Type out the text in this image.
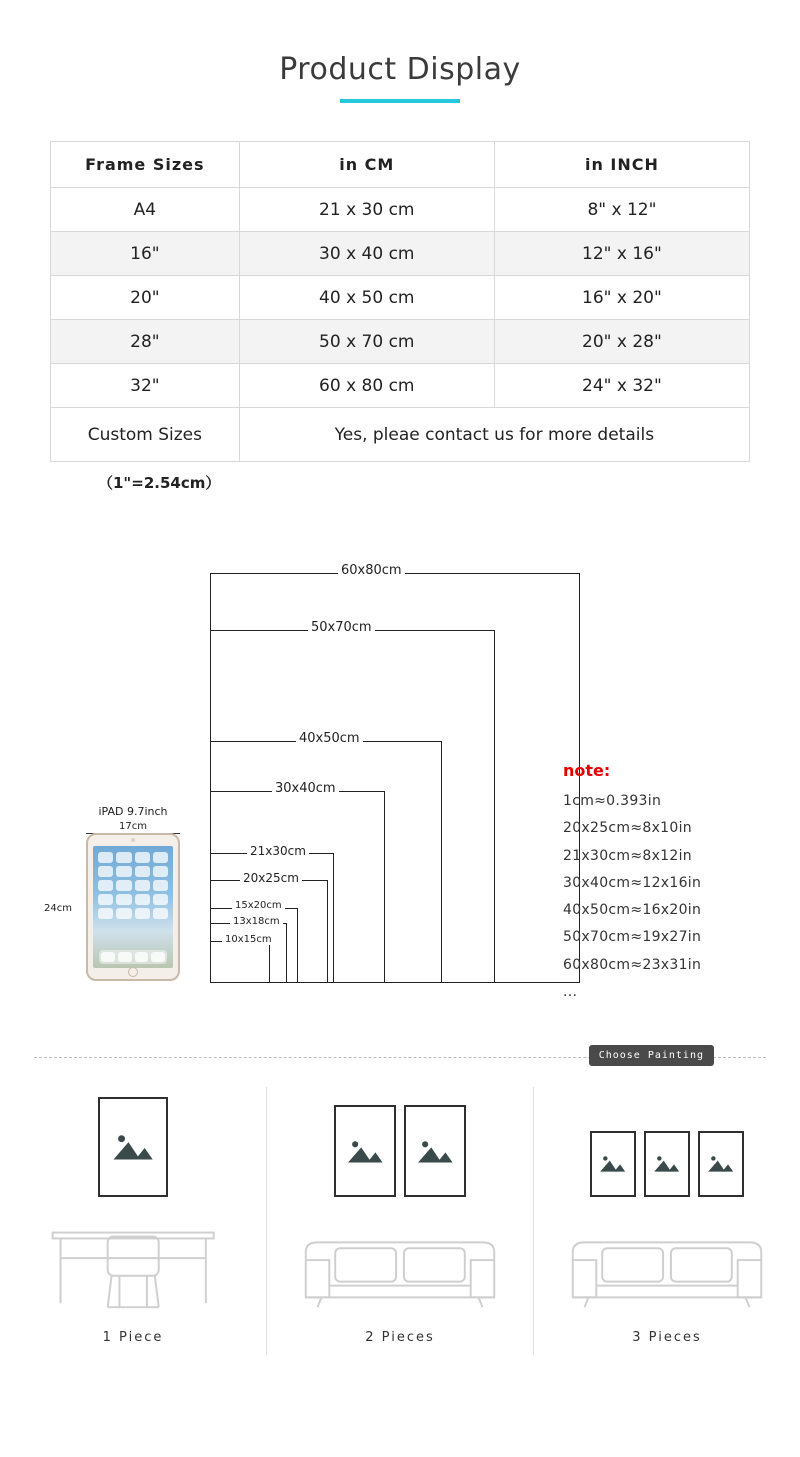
Product Display
Frame Sizes	in CM	in INCH
A4	21 x 30 cm	8" x 12"
16"	30 x 40 cm	12" x 16"
20"	40 x 50 cm	16" x 20"
28"	50 x 70 cm	20" x 28"
32"	60 x 80 cm	24" x 32"
Custom Sizes	Yes, pleae contact us for more details	
（1"=2.54cm）
60x80cm
50x70cm
40x50cm
30x40cm
21x30cm
20x25cm
15x20cm
13x18cm
10x15cm
iPAD 9.7inch
17cm
24cm
note:
1cm≈0.393in
20x25cm≈8x10in
21x30cm≈8x12in
30x40cm≈12x16in
40x50cm≈16x20in
50x70cm≈19x27in
60x80cm≈23x31in
...
Choose Painting
1 Piece	2 Pieces	3 Pieces
